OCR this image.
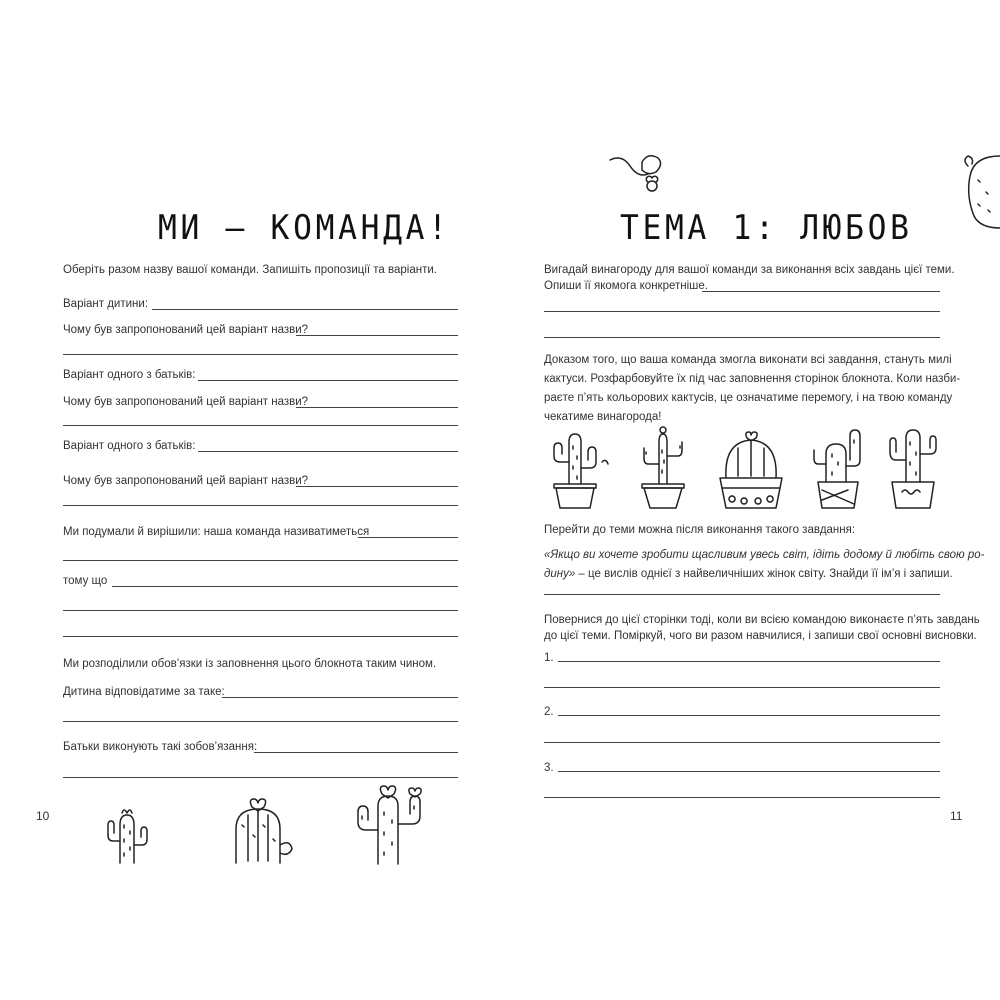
МИ – КОМАНДА!
Оберіть разом назву вашої команди. Запишіть пропозиції та варіанти.
Варіант дитини:
Чому був запропонований цей варіант назви?
Варіант одного з батьків:
Чому був запропонований цей варіант назви?
Варіант одного з батьків:
Чому був запропонований цей варіант назви?
Ми подумали й вирішили: наша команда називатиметься
тому що
Ми розподілили обов’язки із заповнення цього блокнота таким чином.
Дитина відповідатиме за таке:
Батьки виконують такі зобов’язання:
10
ТЕМА 1: ЛЮБОВ
Вигадай винагороду для вашої команди за виконання всіх завдань цієї теми.
Опиши її якомога конкретніше.
Доказом того, що ваша команда змогла виконати всі завдання, стануть милі
кактуси. Розфарбовуйте їх під час заповнення сторінок блокнота. Коли назби-
раєте п’ять кольорових кактусів, це означатиме перемогу, і на твою команду
чекатиме винагорода!
Перейти до теми можна після виконання такого завдання:
«Якщо ви хочете зробити щасливим увесь світ, ідіть додому й любіть свою ро-
дину» – це вислів однієї з найвеличніших жінок світу. Знайди її ім’я і запиши.
Повернися до цієї сторінки тоді, коли ви всією командою виконаєте п’ять завдань
до цієї теми. Поміркуй, чого ви разом навчилися, і запиши свої основні висновки.
1.
2.
3.
11
